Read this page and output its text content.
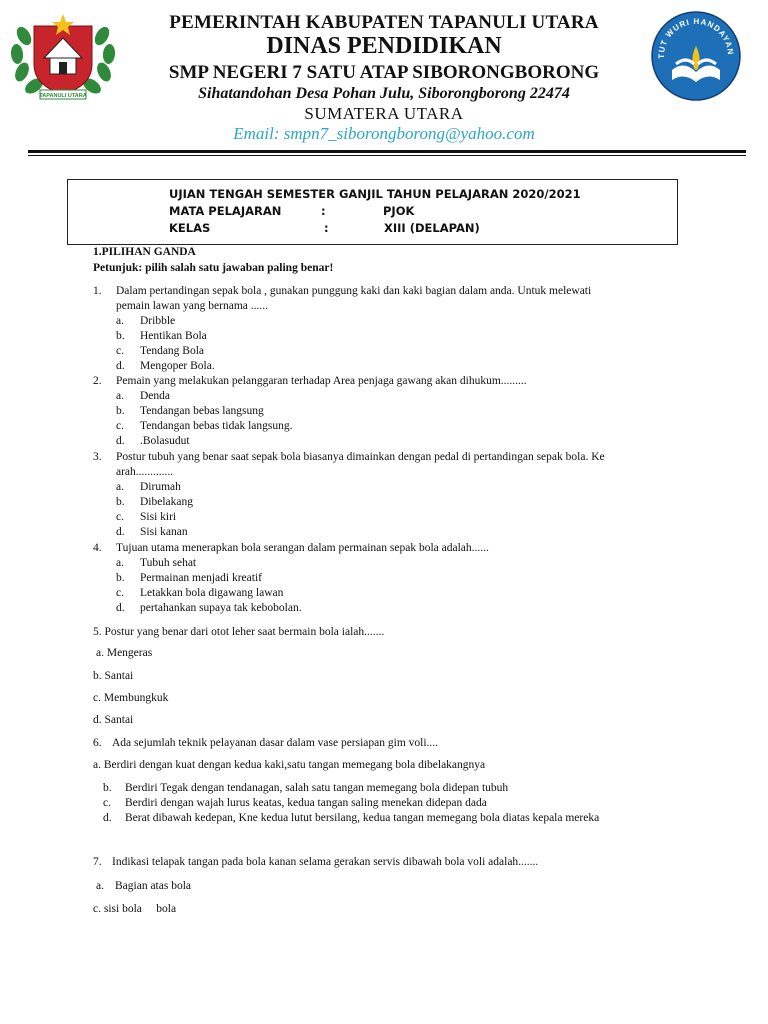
TAPANULI UTARA
TUT WURI HANDAYAN
PEMERINTAH KABUPATEN TAPANULI UTARA
DINAS PENDIDIKAN
SMP NEGERI 7 SATU ATAP SIBORONGBORONG
Sihatandohan Desa Pohan Julu, Siborongborong 22474
SUMATERA UTARA
Email: smpn7_siborongborong@yahoo.com
UJIAN TENGAH SEMESTER GANJIL TAHUN PELAJARAN 2020/2021
MATA PELAJARAN	:	PJOK
KELAS	:	XIII (DELAPAN)
1.PILIHAN GANDA
Petunjuk: pilih salah satu jawaban paling benar!
1. Dalam pertandingan sepak bola , gunakan punggung kaki dan kaki bagian dalam anda. Untuk melewati
pemain lawan yang bernama ......
a. Dribble
b. Hentikan Bola
c. Tendang Bola
d. Mengoper Bola.
2. Pemain yang melakukan pelanggaran terhadap Area penjaga gawang akan dihukum.........
a. Denda
b. Tendangan bebas langsung
c. Tendangan bebas tidak langsung.
d. .Bolasudut
3. Postur tubuh yang benar saat sepak bola biasanya dimainkan dengan pedal di pertandingan sepak bola. Ke
arah.............
a. Dirumah
b. Dibelakang
c. Sisi kiri
d. Sisi kanan
4. Tujuan utama menerapkan bola serangan dalam permainan sepak bola adalah......
a. Tubuh sehat
b. Permainan menjadi kreatif
c. Letakkan bola digawang lawan
d. pertahankan supaya tak kebobolan.
5. Postur yang benar dari otot leher saat bermain bola ialah.......
a. Mengeras
b. Santai
c. Membungkuk
d. Santai
6. Ada sejumlah teknik pelayanan dasar dalam vase persiapan gim voli....
a. Berdiri dengan kuat dengan kedua kaki,satu tangan memegang bola dibelakangnya
b. Berdiri Tegak dengan tendanagan, salah satu tangan memegang bola didepan tubuh
c. Berdiri dengan wajah lurus keatas, kedua tangan saling menekan didepan dada
d. Berat dibawah kedepan, Kne kedua lutut bersilang, kedua tangan memegang bola diatas kepala mereka
7. Indikasi telapak tangan pada bola kanan selama gerakan servis dibawah bola voli adalah.......
a. Bagian atas bola
c. sisi bola     bola
